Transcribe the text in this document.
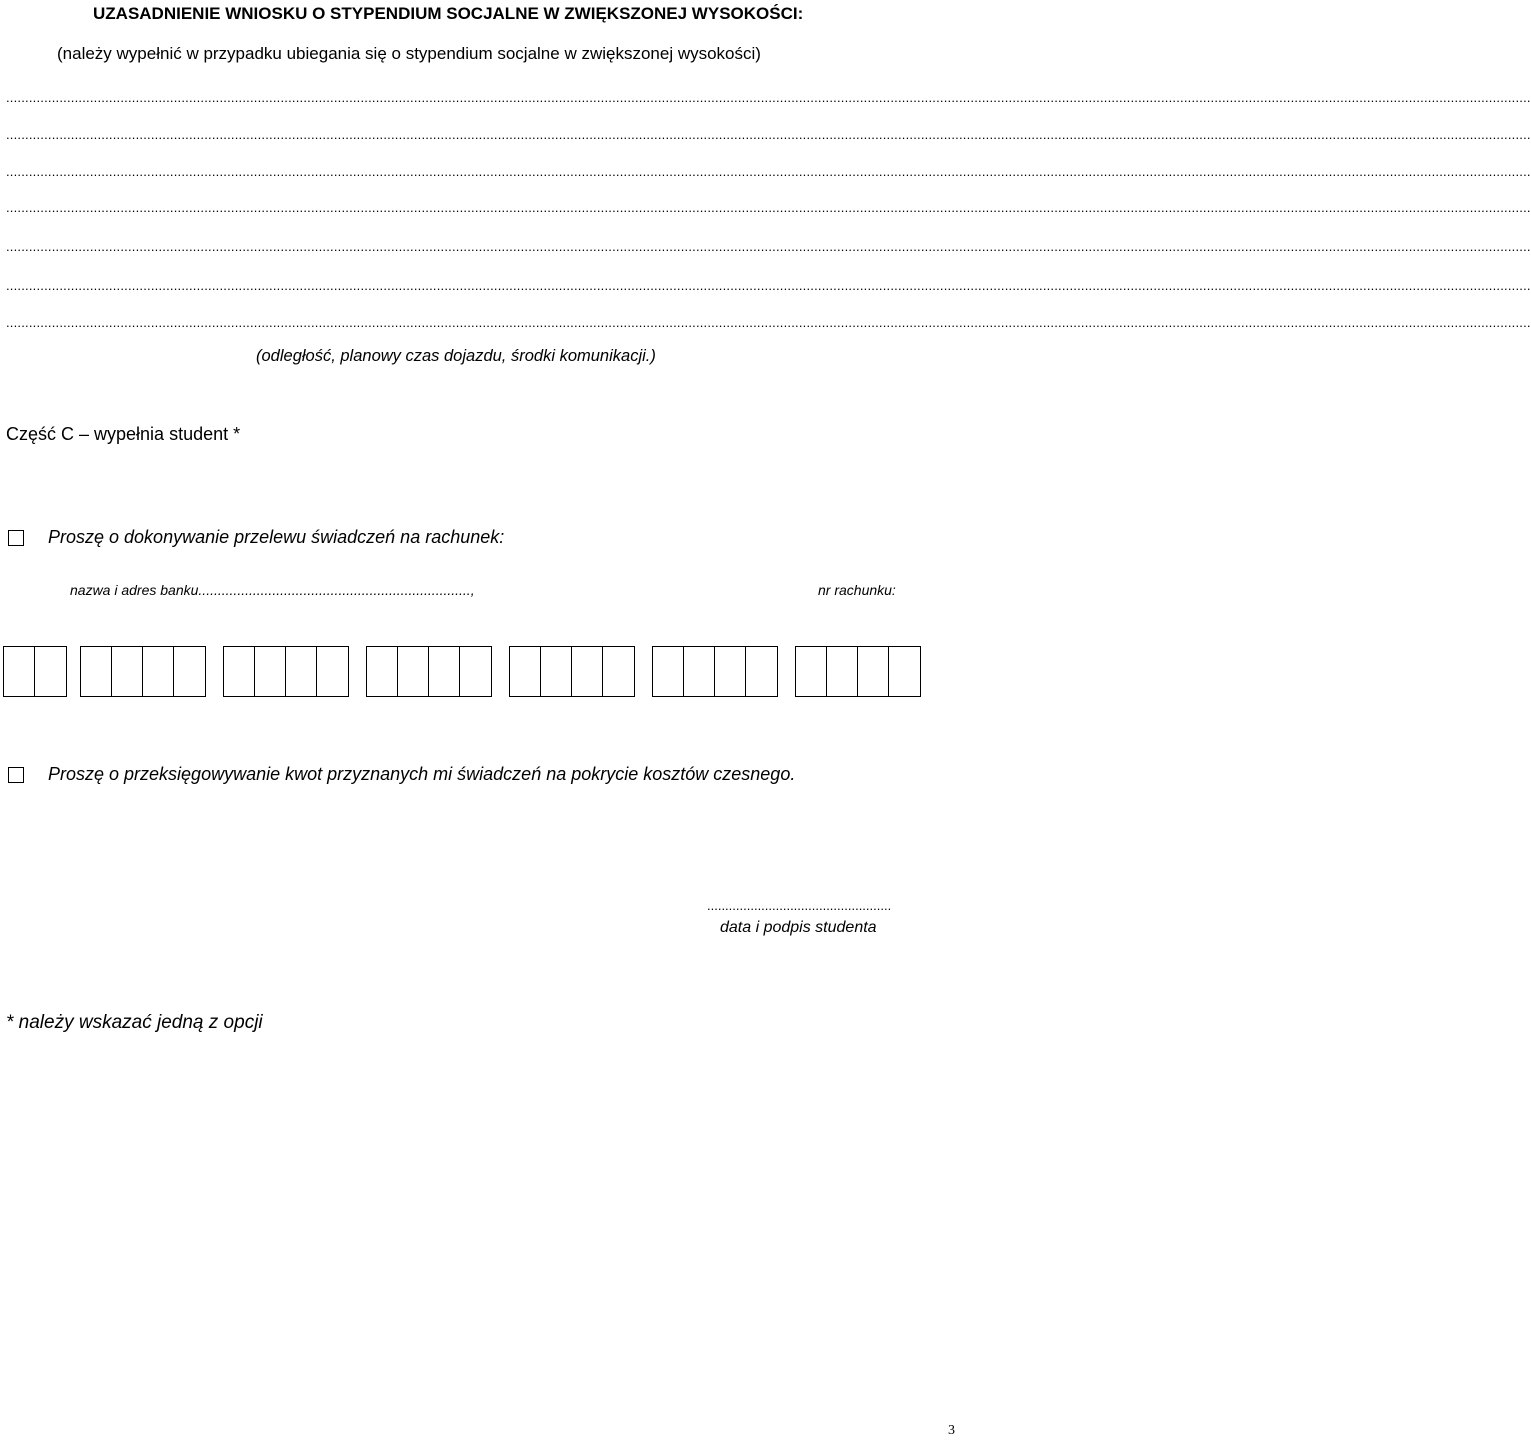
UZASADNIENIE WNIOSKU O STYPENDIUM SOCJALNE W ZWIĘKSZONEJ WYSOKOŚCI:
(należy wypełnić w przypadku ubiegania się o stypendium socjalne w zwiększonej wysokości)
................................................................................................................................................................................................................................................................................................................................................................................................................
................................................................................................................................................................................................................................................................................................................................................................................................................
................................................................................................................................................................................................................................................................................................................................................................................................................
................................................................................................................................................................................................................................................................................................................................................................................................................
................................................................................................................................................................................................................................................................................................................................................................................................................
................................................................................................................................................................................................................................................................................................................................................................................................................
................................................................................................................................................................................................................................................................................................................................................................................................................
(odległość, planowy czas dojazdu, środki komunikacji.)
Część C – wypełnia student *
Proszę o dokonywanie przelewu świadczeń na rachunek:
nazwa i adres banku......................................................................,	nr rachunku:
Proszę o przeksięgowywanie kwot przyznanych mi świadczeń na pokrycie kosztów czesnego.
...................................................
data i podpis studenta
* należy wskazać jedną z opcji
3
